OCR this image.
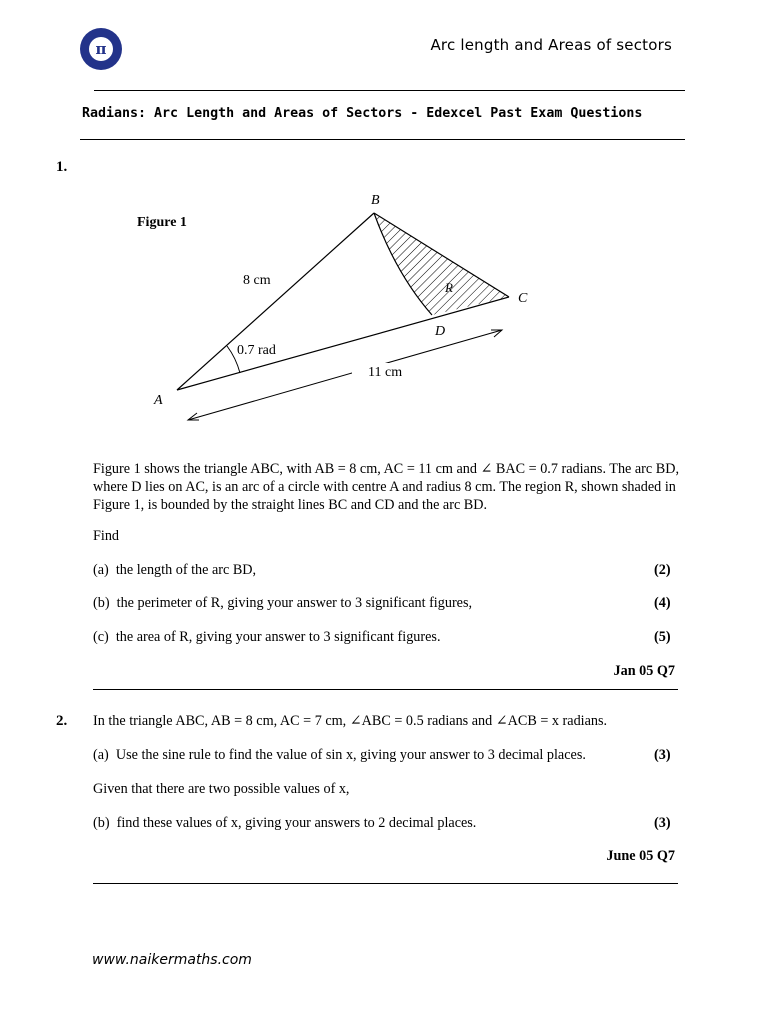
π	Arc length and Areas of sectors
Radians: Arc Length and Areas of Sectors - Edexcel Past Exam Questions
1.
Figure 1
B
C
D
A
R
8 cm
0.7 rad
11 cm
Figure 1 shows the triangle ABC, with AB = 8 cm, AC = 11 cm and ∠ BAC = 0.7 radians. The arc BD, where D lies on AC, is an arc of a circle with centre A and radius 8 cm. The region R, shown shaded in Figure 1, is bounded by the straight lines BC and CD and the arc BD.
Find
(a) the length of the arc BD,	(2)
(b) the perimeter of R, giving your answer to 3 significant figures,	(4)
(c) the area of R, giving your answer to 3 significant figures.	(5)
Jan 05 Q7
2. In the triangle ABC, AB = 8 cm, AC = 7 cm, ∠ABC = 0.5 radians and ∠ACB = x radians.
(a) Use the sine rule to find the value of sin x, giving your answer to 3 decimal places.	(3)
Given that there are two possible values of x,
(b) find these values of x, giving your answers to 2 decimal places.	(3)
June 05 Q7
www.naikermaths.com
